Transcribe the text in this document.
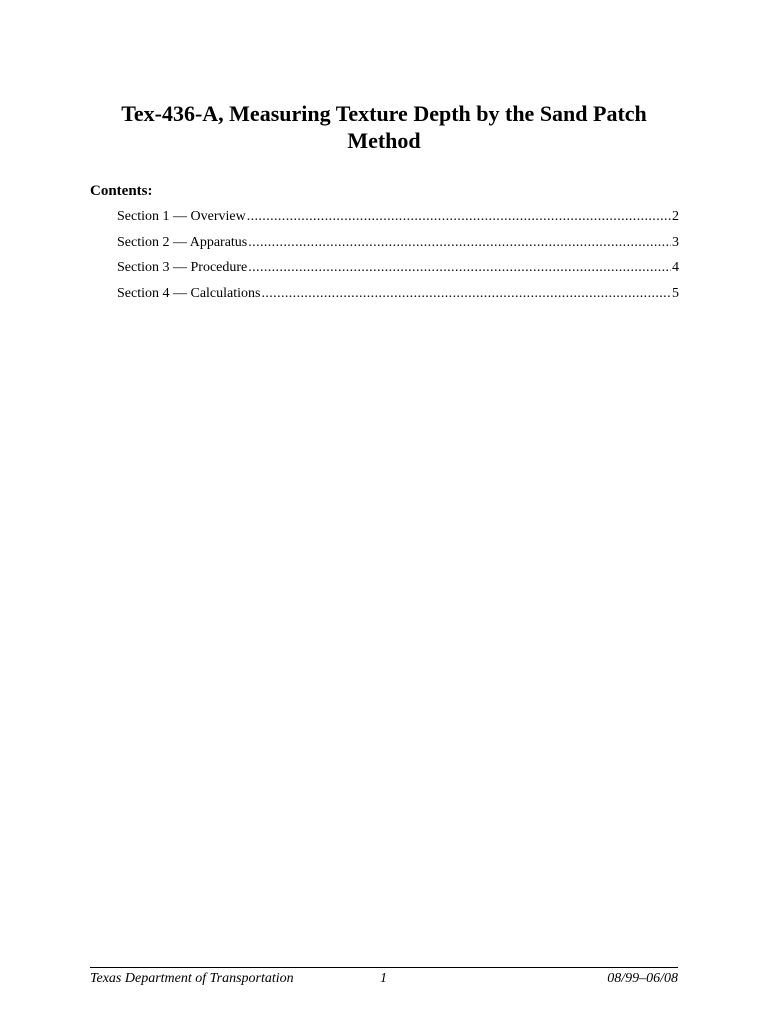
Tex-436-A, Measuring Texture Depth by the Sand Patch Method
Contents:
Section 1 — Overview .....	2
Section 2 — Apparatus .....	3
Section 3 — Procedure .....	4
Section 4 — Calculations .....	5
Texas Department of Transportation	1	08/99–06/08
